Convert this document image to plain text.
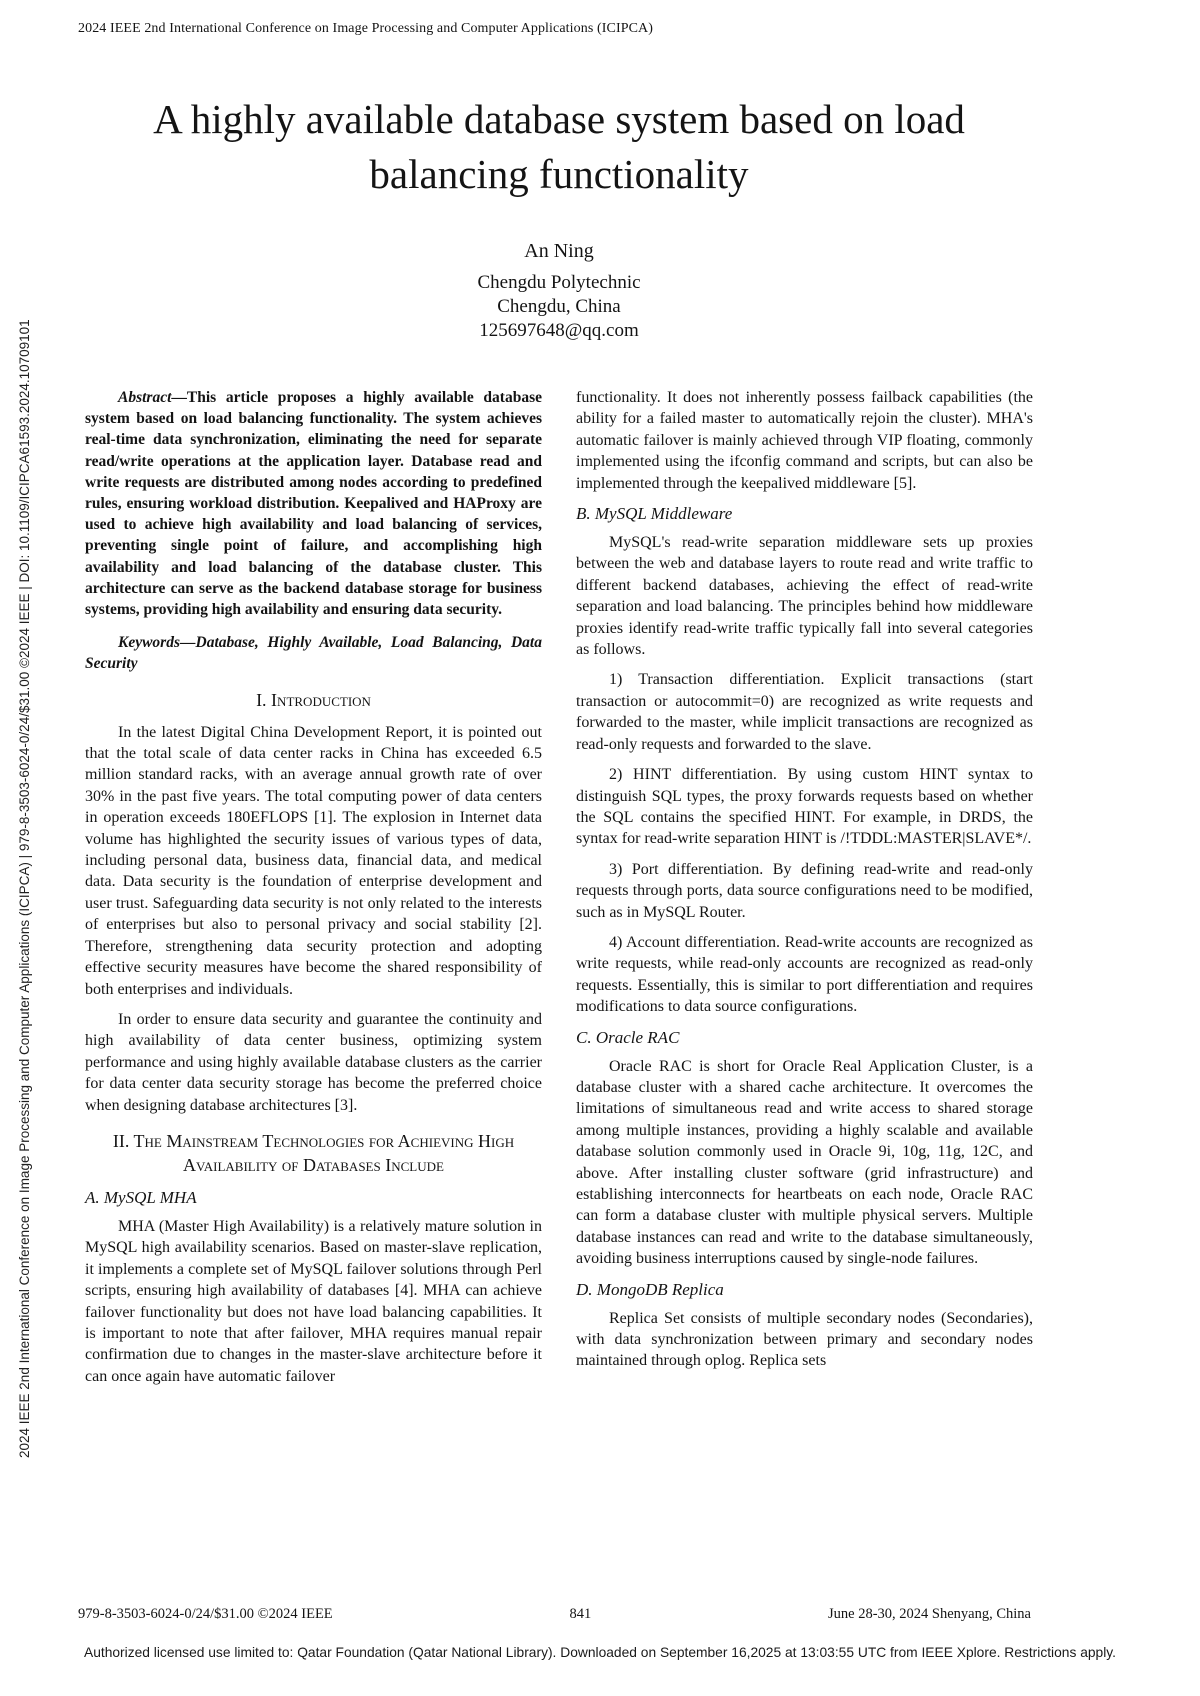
2024 IEEE 2nd International Conference on Image Processing and Computer Applications (ICIPCA)
2024 IEEE 2nd International Conference on Image Processing and Computer Applications (ICIPCA) | 979-8-3503-6024-0/24/$31.00 ©2024 IEEE | DOI: 10.1109/ICIPCA61593.2024.10709101
A highly available database system based on load
balancing functionality
An Ning
Chengdu Polytechnic
Chengdu, China
125697648@qq.com

Abstract—This article proposes a highly available database system based on load balancing functionality. The system achieves real-time data synchronization, eliminating the need for separate read/write operations at the application layer. Database read and write requests are distributed among nodes according to predefined rules, ensuring workload distribution. Keepalived and HAProxy are used to achieve high availability and load balancing of services, preventing single point of failure, and accomplishing high availability and load balancing of the database cluster. This architecture can serve as the backend database storage for business systems, providing high availability and ensuring data security.

Keywords—Database, Highly Available, Load Balancing, Data Security

I. Introduction

In the latest Digital China Development Report, it is pointed out that the total scale of data center racks in China has exceeded 6.5 million standard racks, with an average annual growth rate of over 30% in the past five years. The total computing power of data centers in operation exceeds 180EFLOPS [1]. The explosion in Internet data volume has highlighted the security issues of various types of data, including personal data, business data, financial data, and medical data. Data security is the foundation of enterprise development and user trust. Safeguarding data security is not only related to the interests of enterprises but also to personal privacy and social stability [2]. Therefore, strengthening data security protection and adopting effective security measures have become the shared responsibility of both enterprises and individuals.

In order to ensure data security and guarantee the continuity and high availability of data center business, optimizing system performance and using highly available database clusters as the carrier for data center data security storage has become the preferred choice when designing database architectures [3].

II. The Mainstream Technologies for Achieving High
Availability of Databases Include
A. MySQL MHA

MHA (Master High Availability) is a relatively mature solution in MySQL high availability scenarios. Based on master-slave replication, it implements a complete set of MySQL failover solutions through Perl scripts, ensuring high availability of databases [4]. MHA can achieve failover functionality but does not have load balancing capabilities. It is important to note that after failover, MHA requires manual repair confirmation due to changes in the master-slave architecture before it can once again have automatic failover

functionality. It does not inherently possess failback capabilities (the ability for a failed master to automatically rejoin the cluster). MHA's automatic failover is mainly achieved through VIP floating, commonly implemented using the ifconfig command and scripts, but can also be implemented through the keepalived middleware [5].

B. MySQL Middleware

MySQL's read-write separation middleware sets up proxies between the web and database layers to route read and write traffic to different backend databases, achieving the effect of read-write separation and load balancing. The principles behind how middleware proxies identify read-write traffic typically fall into several categories as follows.

1) Transaction differentiation. Explicit transactions (start transaction or autocommit=0) are recognized as write requests and forwarded to the master, while implicit transactions are recognized as read-only requests and forwarded to the slave.

2) HINT differentiation. By using custom HINT syntax to distinguish SQL types, the proxy forwards requests based on whether the SQL contains the specified HINT. For example, in DRDS, the syntax for read-write separation HINT is /!TDDL:MASTER|SLAVE*/.

3) Port differentiation. By defining read-write and read-only requests through ports, data source configurations need to be modified, such as in MySQL Router.

4) Account differentiation. Read-write accounts are recognized as write requests, while read-only accounts are recognized as read-only requests. Essentially, this is similar to port differentiation and requires modifications to data source configurations.

C. Oracle RAC

Oracle RAC is short for Oracle Real Application Cluster, is a database cluster with a shared cache architecture. It overcomes the limitations of simultaneous read and write access to shared storage among multiple instances, providing a highly scalable and available database solution commonly used in Oracle 9i, 10g, 11g, 12C, and above. After installing cluster software (grid infrastructure) and establishing interconnects for heartbeats on each node, Oracle RAC can form a database cluster with multiple physical servers. Multiple database instances can read and write to the database simultaneously, avoiding business interruptions caused by single-node failures.

D. MongoDB Replica

Replica Set consists of multiple secondary nodes (Secondaries), with data synchronization between primary and secondary nodes maintained through oplog. Replica sets

979-8-3503-6024-0/24/$31.00 ©2024 IEEE	841	June 28-30, 2024 Shenyang, China
Authorized licensed use limited to: Qatar Foundation (Qatar National Library). Downloaded on September 16,2025 at 13:03:55 UTC from IEEE Xplore. Restrictions apply.
